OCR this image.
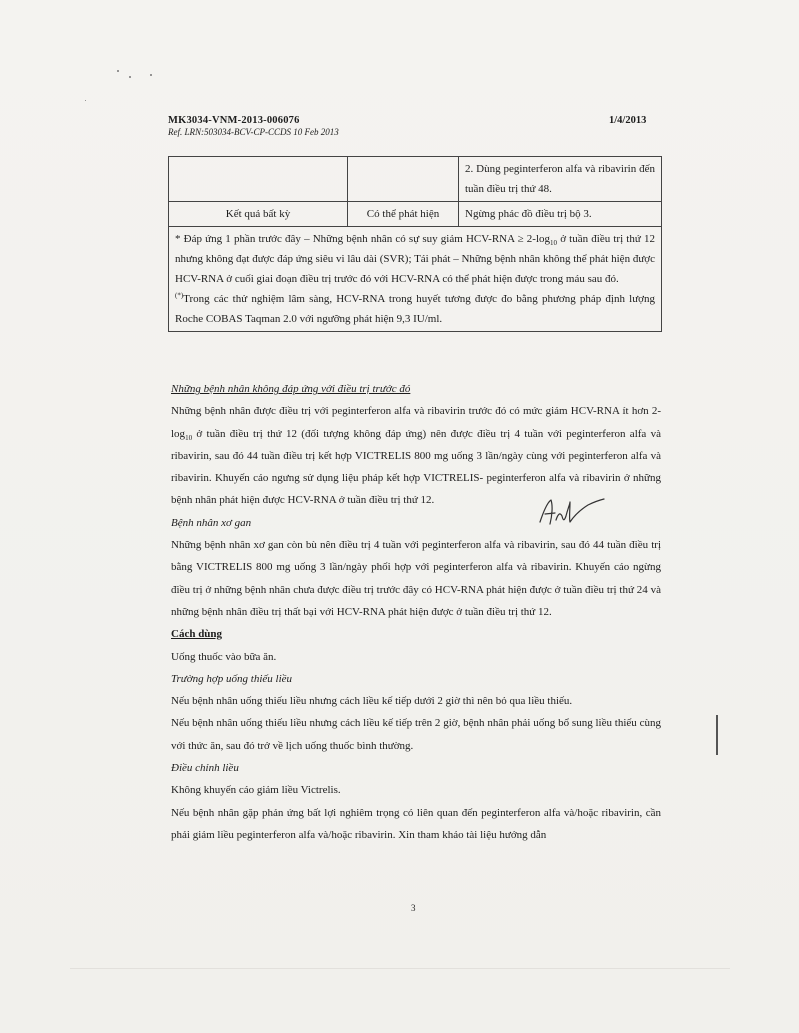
MK3034-VNM-2013-006076
Ref. LRN:503034-BCV-CP-CCDS 10 Feb 2013
1/4/2013
		2. Dùng peginterferon alfa và ribavirin đến tuần điều trị thứ 48.
Kết quả bất kỳ	Có thể phát hiện	Ngừng phác đồ điều trị bộ 3.

* Đáp ứng 1 phần trước đây – Những bệnh nhân có sự suy giảm $HCV-RNA \ge 2-\log_{10}$ ở tuần điều trị thứ 12 nhưng không đạt được đáp ứng siêu vi lâu dài (SVR); Tái phát – Những bệnh nhân không thể phát hiện được HCV-RNA ở cuối giai đoạn điều trị trước đó với HCV-RNA có thể phát hiện được trong máu sau đó.

(*)Trong các thử nghiệm lâm sàng, HCV-RNA trong huyết tương được đo bằng phương pháp định lượng Roche COBAS Taqman 2.0 với ngưỡng phát hiện 9,3 IU/ml.		

Những bệnh nhân không đáp ứng với điều trị trước đó

Những bệnh nhân được điều trị với peginterferon alfa và ribavirin trước đó có mức giảm HCV-RNA ít hơn $2-\log_{10}$ ở tuần điều trị thứ 12 (đối tượng không đáp ứng) nên được điều trị 4 tuần với peginterferon alfa và ribavirin, sau đó 44 tuần điều trị kết hợp VICTRELIS 800 mg uống 3 lần/ngày cùng với peginterferon alfa và ribavirin. Khuyến cáo ngưng sử dụng liệu pháp kết hợp VICTRELIS- peginterferon alfa và ribavirin ở những bệnh nhân phát hiện được HCV-RNA ở tuần điều trị thứ 12.

Bệnh nhân xơ gan

Những bệnh nhân xơ gan còn bù nên điều trị 4 tuần với peginterferon alfa và ribavirin, sau đó 44 tuần điều trị bằng VICTRELIS 800 mg uống 3 lần/ngày phối hợp với peginterferon alfa và ribavirin. Khuyến cáo ngừng điều trị ở những bệnh nhân chưa được điều trị trước đây có HCV-RNA phát hiện được ở tuần điều trị thứ 24 và những bệnh nhân điều trị thất bại với HCV-RNA phát hiện được ở tuần điều trị thứ 12.

Cách dùng

Uống thuốc vào bữa ăn.

Trường hợp uống thiếu liều

Nếu bệnh nhân uống thiếu liều nhưng cách liều kế tiếp dưới 2 giờ thì nên bỏ qua liều thiếu.

Nếu bệnh nhân uống thiếu liều nhưng cách liều kế tiếp trên 2 giờ, bệnh nhân phải uống bổ sung liều thiếu cùng với thức ăn, sau đó trở về lịch uống thuốc bình thường.

Điều chỉnh liều

Không khuyến cáo giảm liều Victrelis.

Nếu bệnh nhân gặp phản ứng bất lợi nghiêm trọng có liên quan đến peginterferon alfa và/hoặc ribavirin, cần phải giảm liều peginterferon alfa và/hoặc ribavirin. Xin tham khảo tài liệu hướng dẫn

3
